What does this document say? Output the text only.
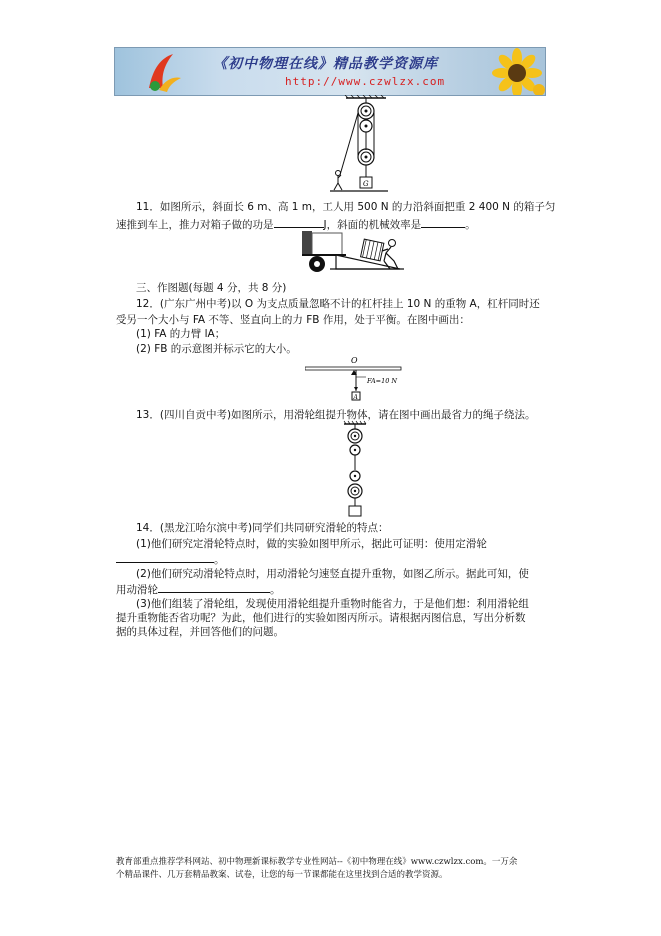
《初中物理在线》精品教学资源库
http://www.czwlzx.com
G
11．如图所示，斜面长 6 m、高 1 m，工人用 500 N 的力沿斜面把重 2 400 N 的箱子匀
速推到车上，推力对箱子做的功是	J，斜面的机械效率是	。
三、作图题(每题 4 分，共 8 分)
12．(广东广州中考)以 O 为支点质量忽略不计的杠杆挂上 10 N 的重物 A，杠杆同时还
受另一个大小与 FA 不等、竖直向上的力 FB 作用，处于平衡。在图中画出：
(1) FA 的力臂 lA；
(2) FB 的示意图并标示它的大小。
O
FA=10 N
A
13．(四川自贡中考)如图所示，用滑轮组提升物体，请在图中画出最省力的绳子绕法。
14．(黑龙江哈尔滨中考)同学们共同研究滑轮的特点：
(1)他们研究定滑轮特点时，做的实验如图甲所示，据此可证明：使用定滑轮
。
(2)他们研究动滑轮特点时，用动滑轮匀速竖直提升重物，如图乙所示。据此可知，使
用动滑轮	。
(3)他们组装了滑轮组，发现使用滑轮组提升重物时能省力，于是他们想：利用滑轮组
提升重物能否省功呢？为此，他们进行的实验如图丙所示。请根据丙图信息，写出分析数
据的具体过程，并回答他们的问题。
教育部重点推荐学科网站、初中物理新课标教学专业性网站--《初中物理在线》www.czwlzx.com。一万余
个精品课件、几万套精品教案、试卷，让您的每一节课都能在这里找到合适的教学资源。
